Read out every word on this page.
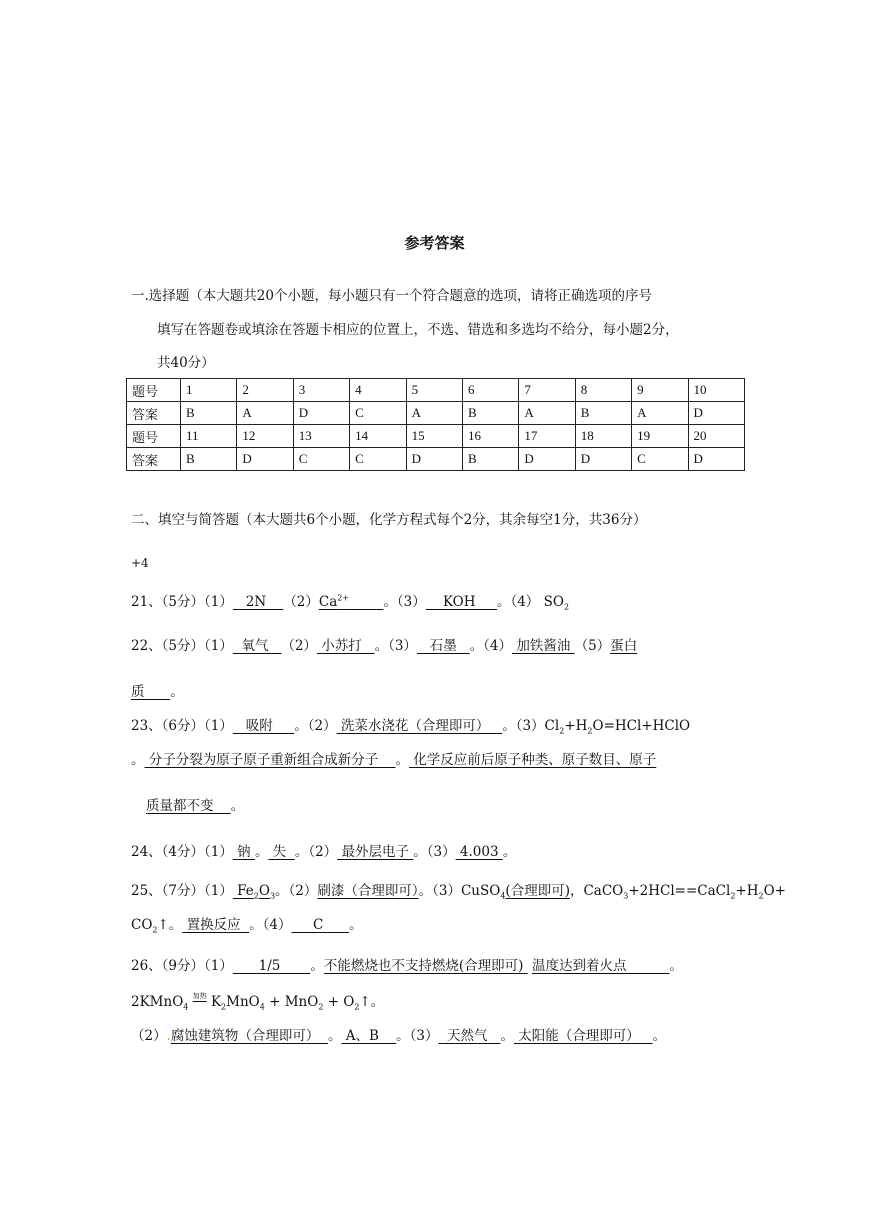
参考答案
一.选择题（本大题共20个小题，每小题只有一个符合题意的选项，请将正确选项的序号
填写在答题卷或填涂在答题卡相应的位置上，不选、错选和多选均不给分，每小题2分，
共40分）
题号	1	2	3	4	5	6	7	8	9	10
答案	B	A	D	C	A	B	A	B	A	D
题号	11	12	13	14	15	16	17	18	19	20
答案	B	D	C	C	D	B	D	D	C	D
二、填空与简答题（本大题共6个小题，化学方程式每个2分，其余每空1分，共36分）
+4
21、（5分）（1）   2N    $(2)Ca^{2+}$	。（3）    KOH     。（4） $SO_2$
22、（5分）（1）  氧气   （2） 小苏打   。（3）   石墨   。（4） 加铁酱油 （5）蛋白
质      。
23、（6分）（1）   吸附     。（2） 洗菜水浇花（合理即可）   。$(3)Cl_2+H_2O=HCl+HClO$
。 分子分裂为原子原子重新组合成新分子    。 化学反应前后原子种类、原子数目、原子
质量都不变    。
24、（4分）（1） 钠 。 失  。（2） 最外层电子 。（3） 4.003 。
25、（7分）（1） $Fe_2O_3$。（2）刷漆（合理即可）。（3）CuSO$_4$(合理即可)，$CaCO_3+2HCl==CaCl_2+H_2O+$
$CO_2↑$。 置换反应  。（4）     C      。
26、（9分）（1）      1/5       。不能燃烧也不支持燃烧(合理即可)  温度达到着火点          。
2KMnO$_4$ $^{加热}$ $K_2MnO_4 + MnO_2$ + $O_2↑$。
（2）.腐蚀建筑物（合理即可）  。 A、B    。（3）  天然气   。 太阳能（合理即可）   。
